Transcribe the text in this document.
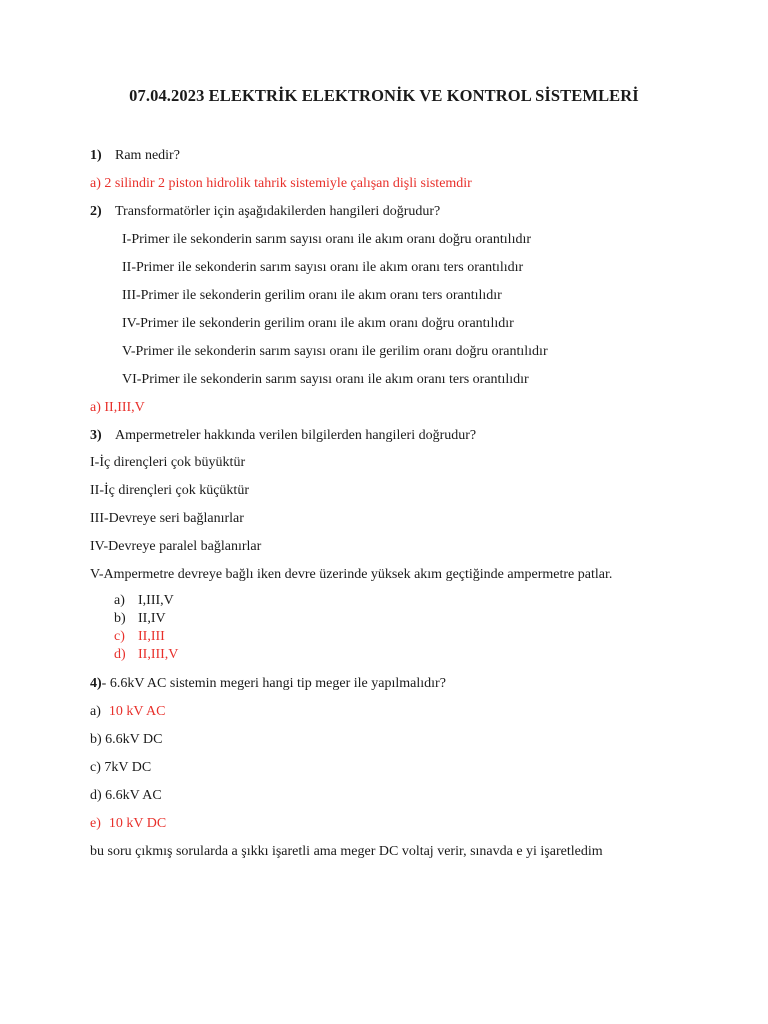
07.04.2023 ELEKTRİK ELEKTRONİK VE KONTROL SİSTEMLERİ
1) Ram nedir?
a) 2 silindir 2 piston hidrolik tahrik sistemiyle çalışan dişli sistemdir
2) Transformatörler için aşağıdakilerden hangileri doğrudur?
I-Primer ile sekonderin sarım sayısı oranı ile akım oranı doğru orantılıdır
II-Primer ile sekonderin sarım sayısı oranı ile akım oranı ters orantılıdır
III-Primer ile sekonderin gerilim oranı ile akım oranı ters orantılıdır
IV-Primer ile sekonderin gerilim oranı ile akım oranı doğru orantılıdır
V-Primer ile sekonderin sarım sayısı oranı ile gerilim oranı doğru orantılıdır
VI-Primer ile sekonderin sarım sayısı oranı ile akım oranı ters orantılıdır
a) II,III,V
3) Ampermetreler hakkında verilen bilgilerden hangileri doğrudur?
I-İç dirençleri çok büyüktür
II-İç dirençleri çok küçüktür
III-Devreye seri bağlanırlar
IV-Devreye paralel bağlanırlar
V-Ampermetre devreye bağlı iken devre üzerinde yüksek akım geçtiğinde ampermetre patlar.
a) I,III,V
b) II,IV
c) II,III
d) II,III,V
4)- 6.6kV AC sistemin megeri hangi tip meger ile yapılmalıdır?
a) 10 kV AC
b) 6.6kV DC
c) 7kV DC
d) 6.6kV AC
e) 10 kV DC
bu soru çıkmış sorularda a şıkkı işaretli ama meger DC voltaj verir, sınavda e yi işaretledim
